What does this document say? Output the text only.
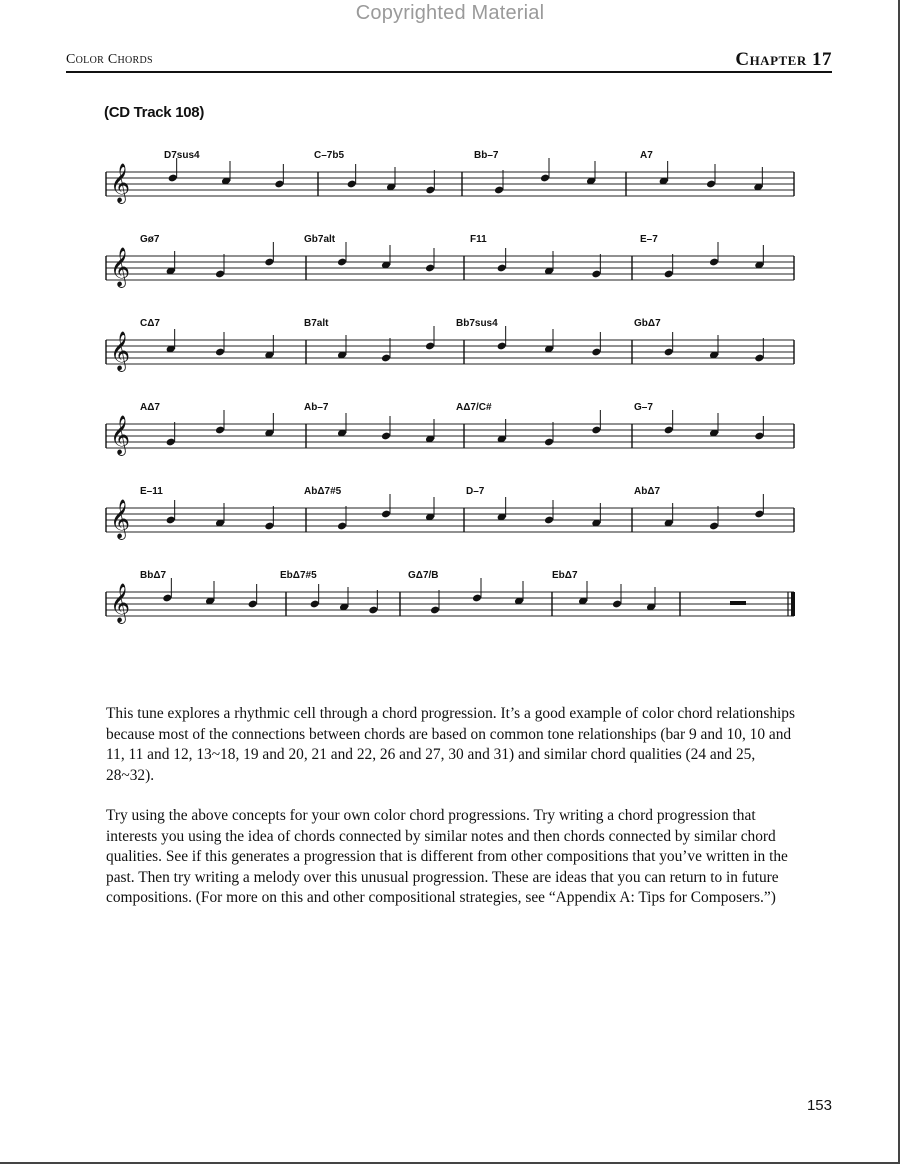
Copyrighted Material
Color Chords	Chapter 17
(CD Track 108)
𝄞
D7sus4	C–7b5	Bb–7	A7
𝄞
Gø7	Gb7alt	F11	E–7
𝄞
CΔ7	B7alt	Bb7sus4	GbΔ7
𝄞
AΔ7	Ab–7	AΔ7/C#	G–7
𝄞
E–11	AbΔ7#5	D–7	AbΔ7
𝄞
BbΔ7	EbΔ7#5	GΔ7/B	EbΔ7
This tune explores a rhythmic cell through a chord progression. It’s a good example of color chord relationships because most of the connections between chords are based on common tone relationships (bar 9 and 10, 10 and 11, 11 and 12, 13~18, 19 and 20, 21 and 22, 26 and 27, 30 and 31) and similar chord qualities (24 and 25, 28~32).
Try using the above concepts for your own color chord progressions. Try writing a chord progression that interests you using the idea of chords connected by similar notes and then chords connected by similar chord qualities. See if this generates a progression that is different from other compositions that you’ve written in the past. Then try writing a melody over this unusual progression. These are ideas that you can return to in future compositions. (For more on this and other compositional strategies, see “Appendix A: Tips for Composers.”)
153
